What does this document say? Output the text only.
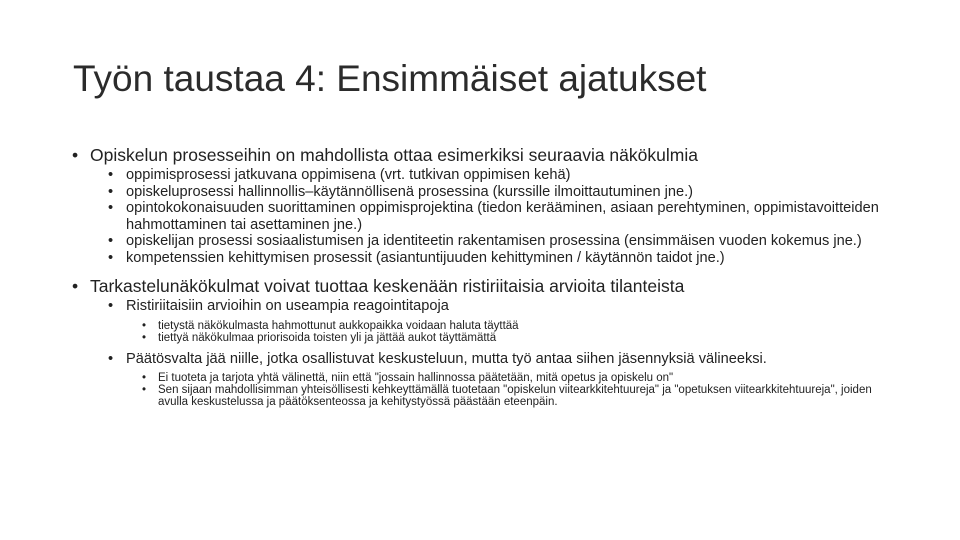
Työn taustaa 4: Ensimmäiset ajatukset
• Opiskelun prosesseihin on mahdollista ottaa esimerkiksi seuraavia näkökulmia
• oppimisprosessi jatkuvana oppimisena (vrt. tutkivan oppimisen kehä)
• opiskeluprosessi hallinnollis–käytännöllisenä prosessina (kurssille ilmoittautuminen jne.)
• opintokokonaisuuden suorittaminen oppimisprojektina (tiedon kerääminen, asiaan perehtyminen, oppimistavoitteiden hahmottaminen tai asettaminen jne.)
• opiskelijan prosessi sosiaalistumisen ja identiteetin rakentamisen prosessina (ensimmäisen vuoden kokemus jne.)
• kompetenssien kehittymisen prosessit (asiantuntijuuden kehittyminen / käytännön taidot jne.)
• Tarkastelunäkökulmat voivat tuottaa keskenään ristiriitaisia arvioita tilanteista
• Ristiriitaisiin arvioihin on useampia reagointitapoja
• tietystä näkökulmasta hahmottunut aukkopaikka voidaan haluta täyttää
• tiettyä näkökulmaa priorisoida toisten yli ja jättää aukot täyttämättä
• Päätösvalta jää niille, jotka osallistuvat keskusteluun, mutta työ antaa siihen jäsennyksiä välineeksi.
• Ei tuoteta ja tarjota yhtä välinettä, niin että "jossain hallinnossa päätetään, mitä opetus ja opiskelu on"
• Sen sijaan mahdollisimman yhteisöllisesti kehkeyttämällä tuotetaan "opiskelun viitearkkitehtuureja" ja "opetuksen viitearkkitehtuureja", joiden avulla keskustelussa ja päätöksenteossa ja kehitystyössä päästään eteenpäin.
